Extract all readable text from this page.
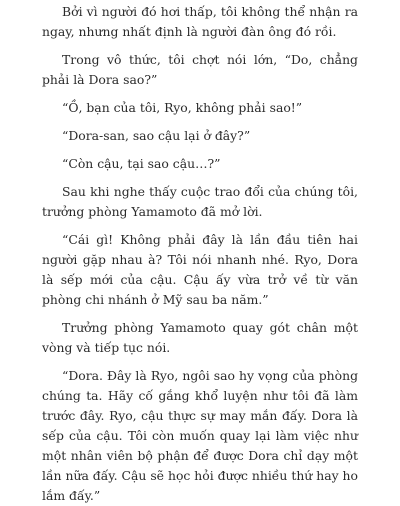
Bởi vì người đó hơi thấp, tôi không thể nhận ra ngay, nhưng nhất định là người đàn ông đó rồi.

Trong vô thức, tôi chợt nói lớn, “Do, chẳng phải là Dora sao?”

“Ồ, bạn của tôi, Ryo, không phải sao!”

“Dora-san, sao cậu lại ở đây?”

“Còn cậu, tại sao cậu…?”

Sau khi nghe thấy cuộc trao đổi của chúng tôi, trưởng phòng Yamamoto đã mở lời.

“Cái gì! Không phải đây là lần đầu tiên hai người gặp nhau à? Tôi nói nhanh nhé. Ryo, Dora là sếp mới của cậu. Cậu ấy vừa trở về từ văn phòng chi nhánh ở Mỹ sau ba năm.”

Trưởng phòng Yamamoto quay gót chân một vòng và tiếp tục nói.

“Dora. Đây là Ryo, ngôi sao hy vọng của phòng chúng ta. Hãy cố gắng khổ luyện như tôi đã làm trước đây. Ryo, cậu thực sự may mắn đấy. Dora là sếp của cậu. Tôi còn muốn quay lại làm việc như một nhân viên bộ phận để được Dora chỉ dạy một lần nữa đấy. Cậu sẽ học hỏi được nhiều thứ hay ho lắm đấy.”
